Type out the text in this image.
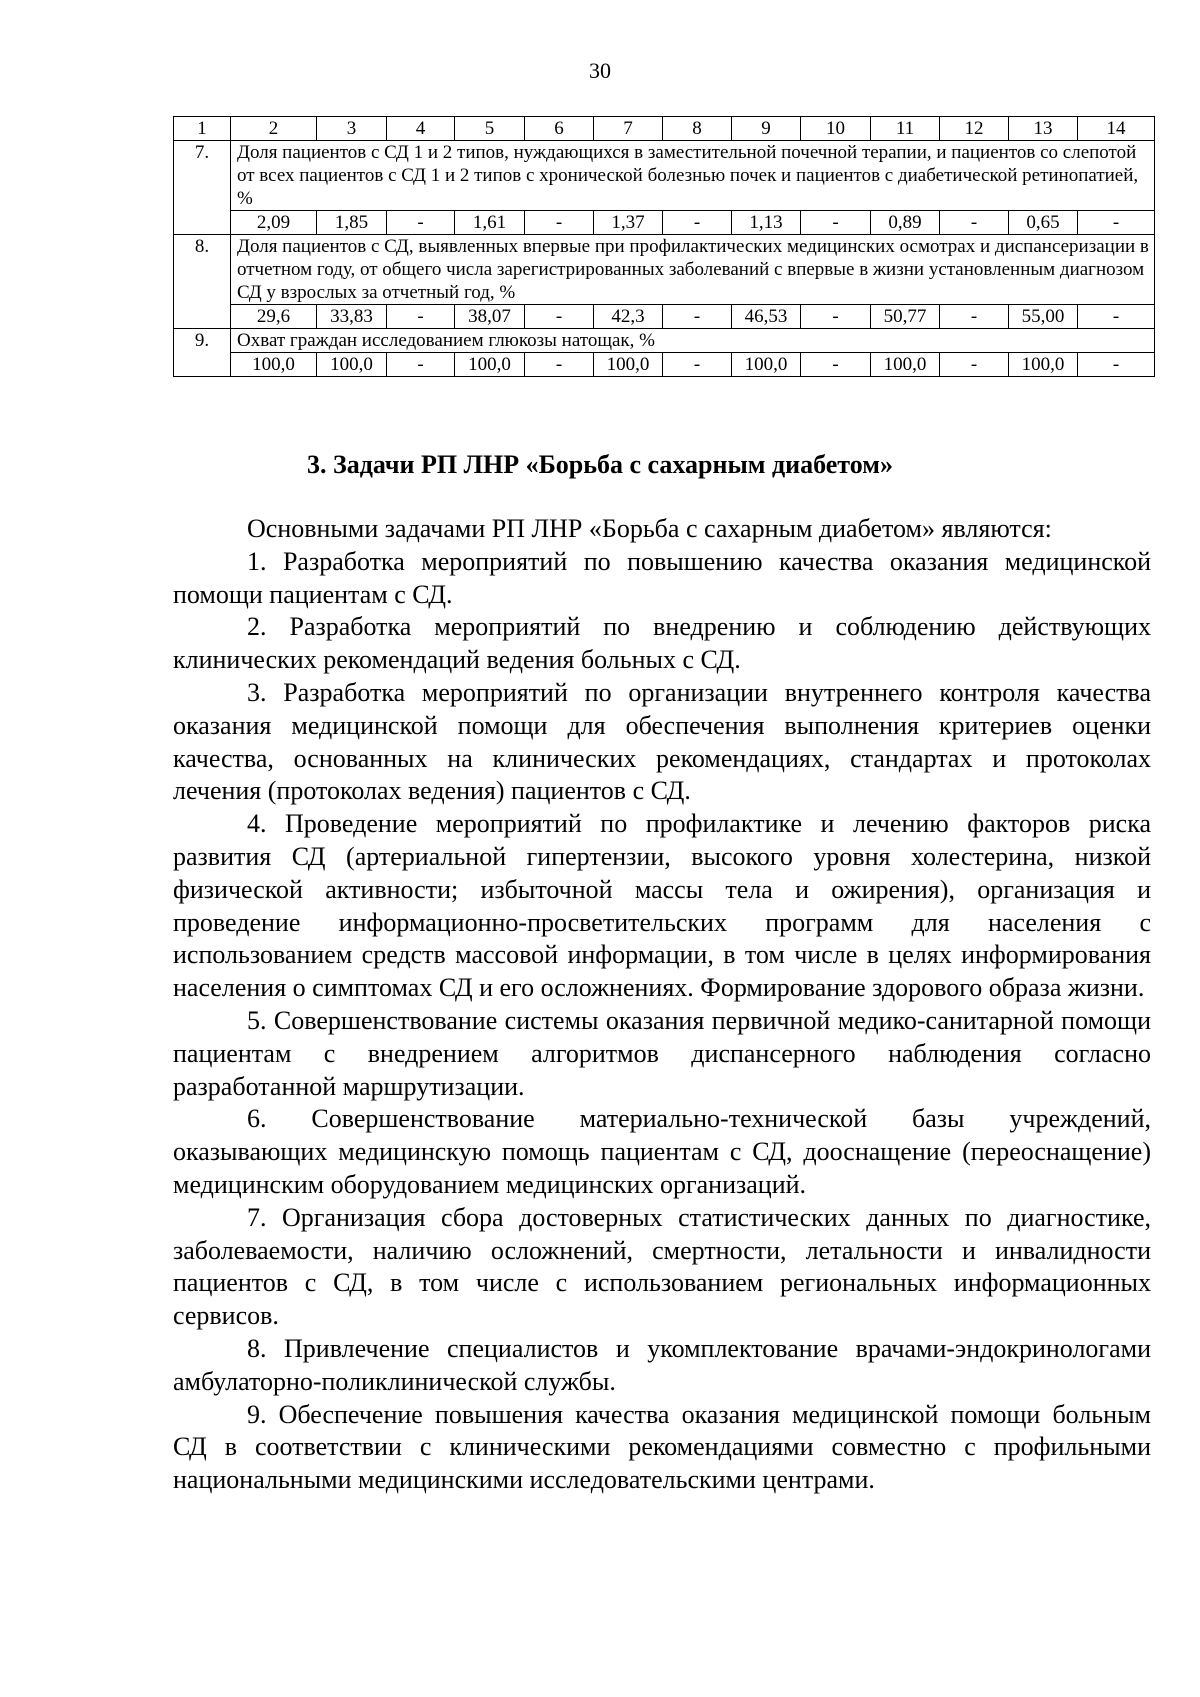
30
1	2	3	4	5	6	7	8	9	10	11	12	13	14
7.	Доля пациентов с СД 1 и 2 типов, нуждающихся в заместительной почечной терапии, и пациентов со слепотой от всех пациентов с СД 1 и 2 типов с хронической болезнью почек и пациентов с диабетической ретинопатией, %												
	2,09	1,85	-	1,61	-	1,37	-	1,13	-	0,89	-	0,65	-
8.	Доля пациентов с СД, выявленных впервые при профилактических медицинских осмотрах и диспансеризации в отчетном году, от общего числа зарегистрированных заболеваний с впервые в жизни установленным диагнозом СД у взрослых за отчетный год, %												
	29,6	33,83	-	38,07	-	42,3	-	46,53	-	50,77	-	55,00	-
9.	Охват граждан исследованием глюкозы натощак, %												
	100,0	100,0	-	100,0	-	100,0	-	100,0	-	100,0	-	100,0	-
3. Задачи РП ЛНР «Борьба с сахарным диабетом»

Основными задачами РП ЛНР «Борьба с сахарным диабетом» являются:

1. Разработка мероприятий по повышению качества оказания медицинской помощи пациентам с СД.

2. Разработка мероприятий по внедрению и соблюдению действующих клинических рекомендаций ведения больных с СД.

3. Разработка мероприятий по организации внутреннего контроля качества оказания медицинской помощи для обеспечения выполнения критериев оценки качества, основанных на клинических рекомендациях, стандартах и протоколах лечения (протоколах ведения) пациентов с СД.

4. Проведение мероприятий по профилактике и лечению факторов риска развития СД (артериальной гипертензии, высокого уровня холестерина, низкой физической активности; избыточной массы тела и ожирения), организация и проведение информационно-просветительских программ для населения с использованием средств массовой информации, в том числе в целях информирования населения о симптомах СД и его осложнениях. Формирование здорового образа жизни.

5. Совершенствование системы оказания первичной медико-санитарной помощи пациентам с внедрением алгоритмов диспансерного наблюдения согласно разработанной маршрутизации.

6. Совершенствование материально-технической базы учреждений, оказывающих медицинскую помощь пациентам с СД, дооснащение (переоснащение) медицинским оборудованием медицинских организаций.

7. Организация сбора достоверных статистических данных по диагностике, заболеваемости, наличию осложнений, смертности, летальности и инвалидности пациентов с СД, в том числе с использованием региональных информационных сервисов.

8. Привлечение специалистов и укомплектование врачами-эндокринологами амбулаторно-поликлинической службы.

9. Обеспечение повышения качества оказания медицинской помощи больным СД в соответствии с клиническими рекомендациями совместно с профильными национальными медицинскими исследовательскими центрами.
